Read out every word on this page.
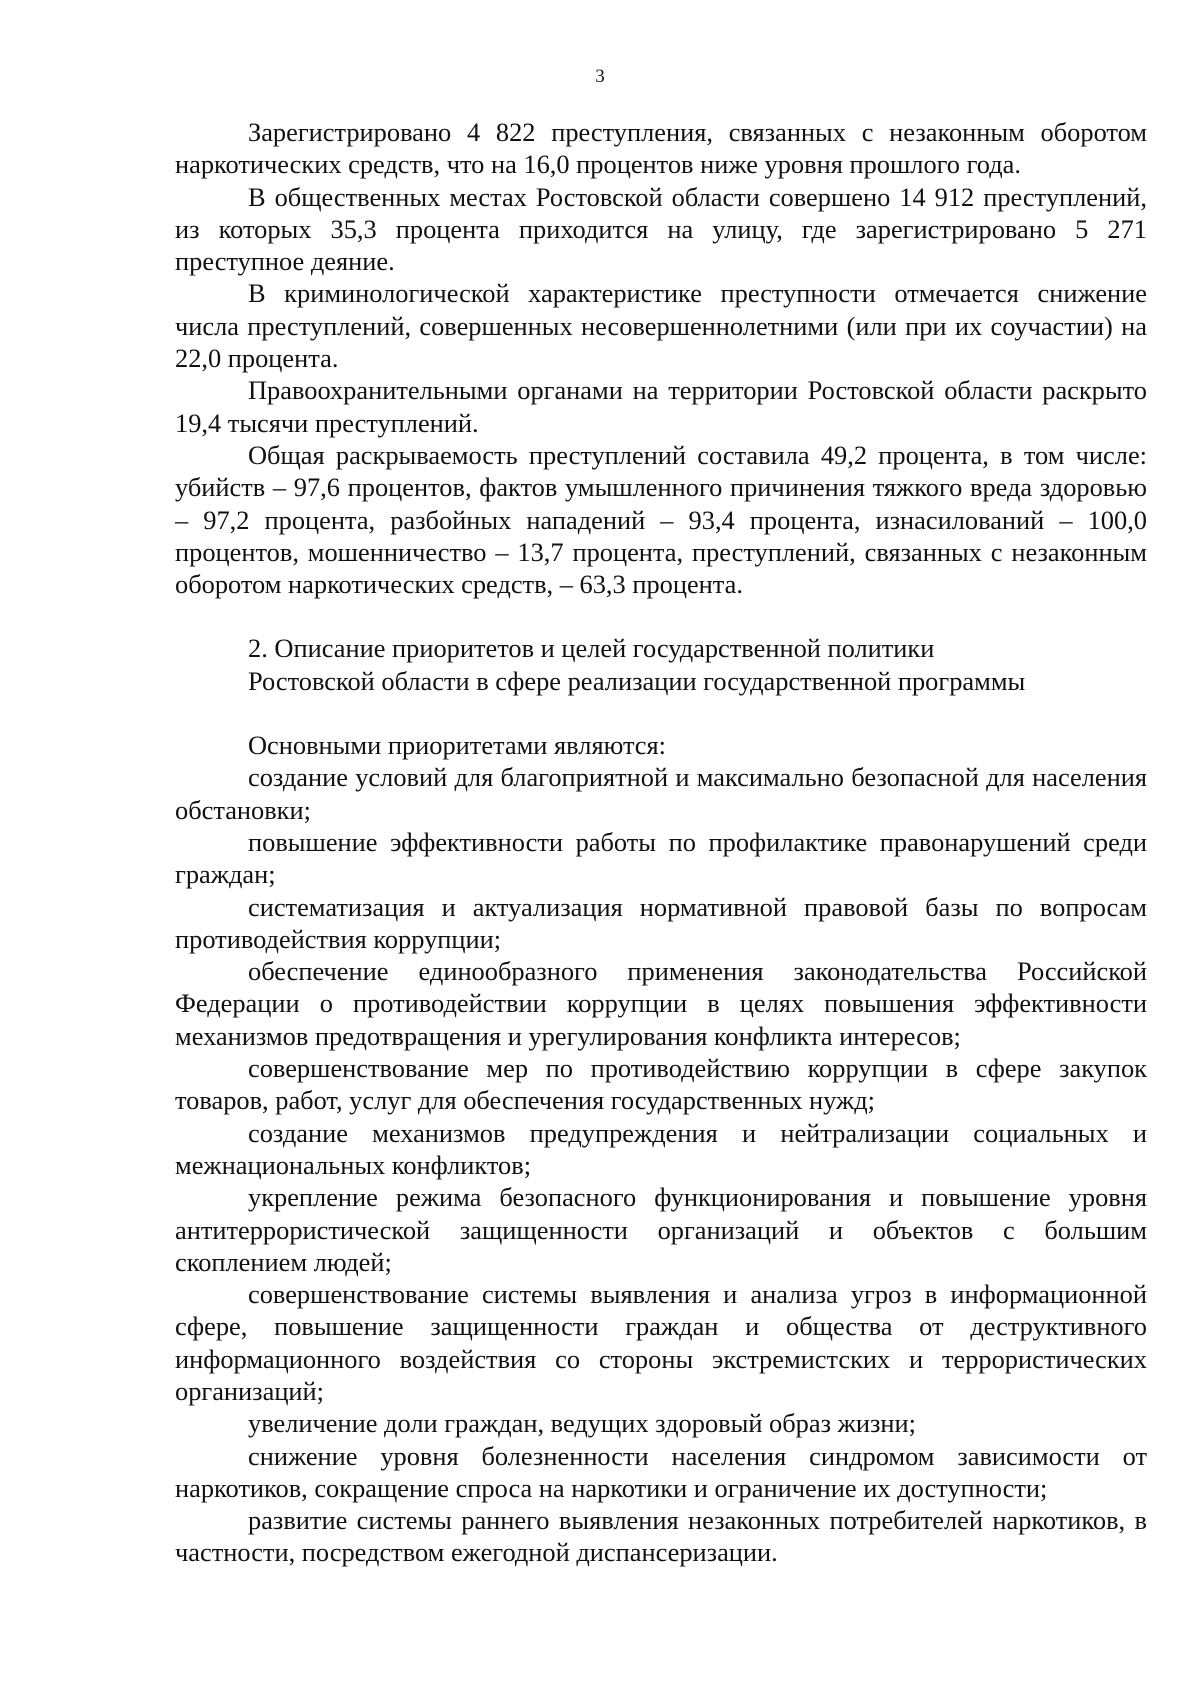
3

Зарегистрировано 4 822 преступления, связанных с незаконным оборотом наркотических средств, что на 16,0 процентов ниже уровня прошлого года.

В общественных местах Ростовской области совершено 14 912 преступлений, из которых 35,3 процента приходится на улицу, где зарегистрировано 5 271 преступное деяние.

В криминологической характеристике преступности отмечается снижение числа преступлений, совершенных несовершеннолетними (или при их соучастии) на 22,0 процента.

Правоохранительными органами на территории Ростовской области раскрыто 19,4 тысячи преступлений.

Общая раскрываемость преступлений составила 49,2 процента, в том числе: убийств – 97,6 процентов, фактов умышленного причинения тяжкого вреда здоровью – 97,2 процента, разбойных нападений – 93,4 процента, изнасилований – 100,0 процентов, мошенничество – 13,7 процента, преступлений, связанных с незаконным оборотом наркотических средств, – 63,3 процента.

2. Описание приоритетов и целей государственной политики
Ростовской области в сфере реализации государственной программы

Основными приоритетами являются:

создание условий для благоприятной и максимально безопасной для населения обстановки;

повышение эффективности работы по профилактике правонарушений среди граждан;

систематизация и актуализация нормативной правовой базы по вопросам противодействия коррупции;

обеспечение единообразного применения законодательства Российской Федерации о противодействии коррупции в целях повышения эффективности механизмов предотвращения и урегулирования конфликта интересов;

совершенствование мер по противодействию коррупции в сфере закупок товаров, работ, услуг для обеспечения государственных нужд;

создание механизмов предупреждения и нейтрализации социальных и межнациональных конфликтов;

укрепление режима безопасного функционирования и повышение уровня антитеррористической защищенности организаций и объектов с большим скоплением людей;

совершенствование системы выявления и анализа угроз в информационной сфере, повышение защищенности граждан и общества от деструктивного информационного воздействия со стороны экстремистских и террористических организаций;

увеличение доли граждан, ведущих здоровый образ жизни;

снижение уровня болезненности населения синдромом зависимости от наркотиков, сокращение спроса на наркотики и ограничение их доступности;

развитие системы раннего выявления незаконных потребителей наркотиков, в частности, посредством ежегодной диспансеризации.
